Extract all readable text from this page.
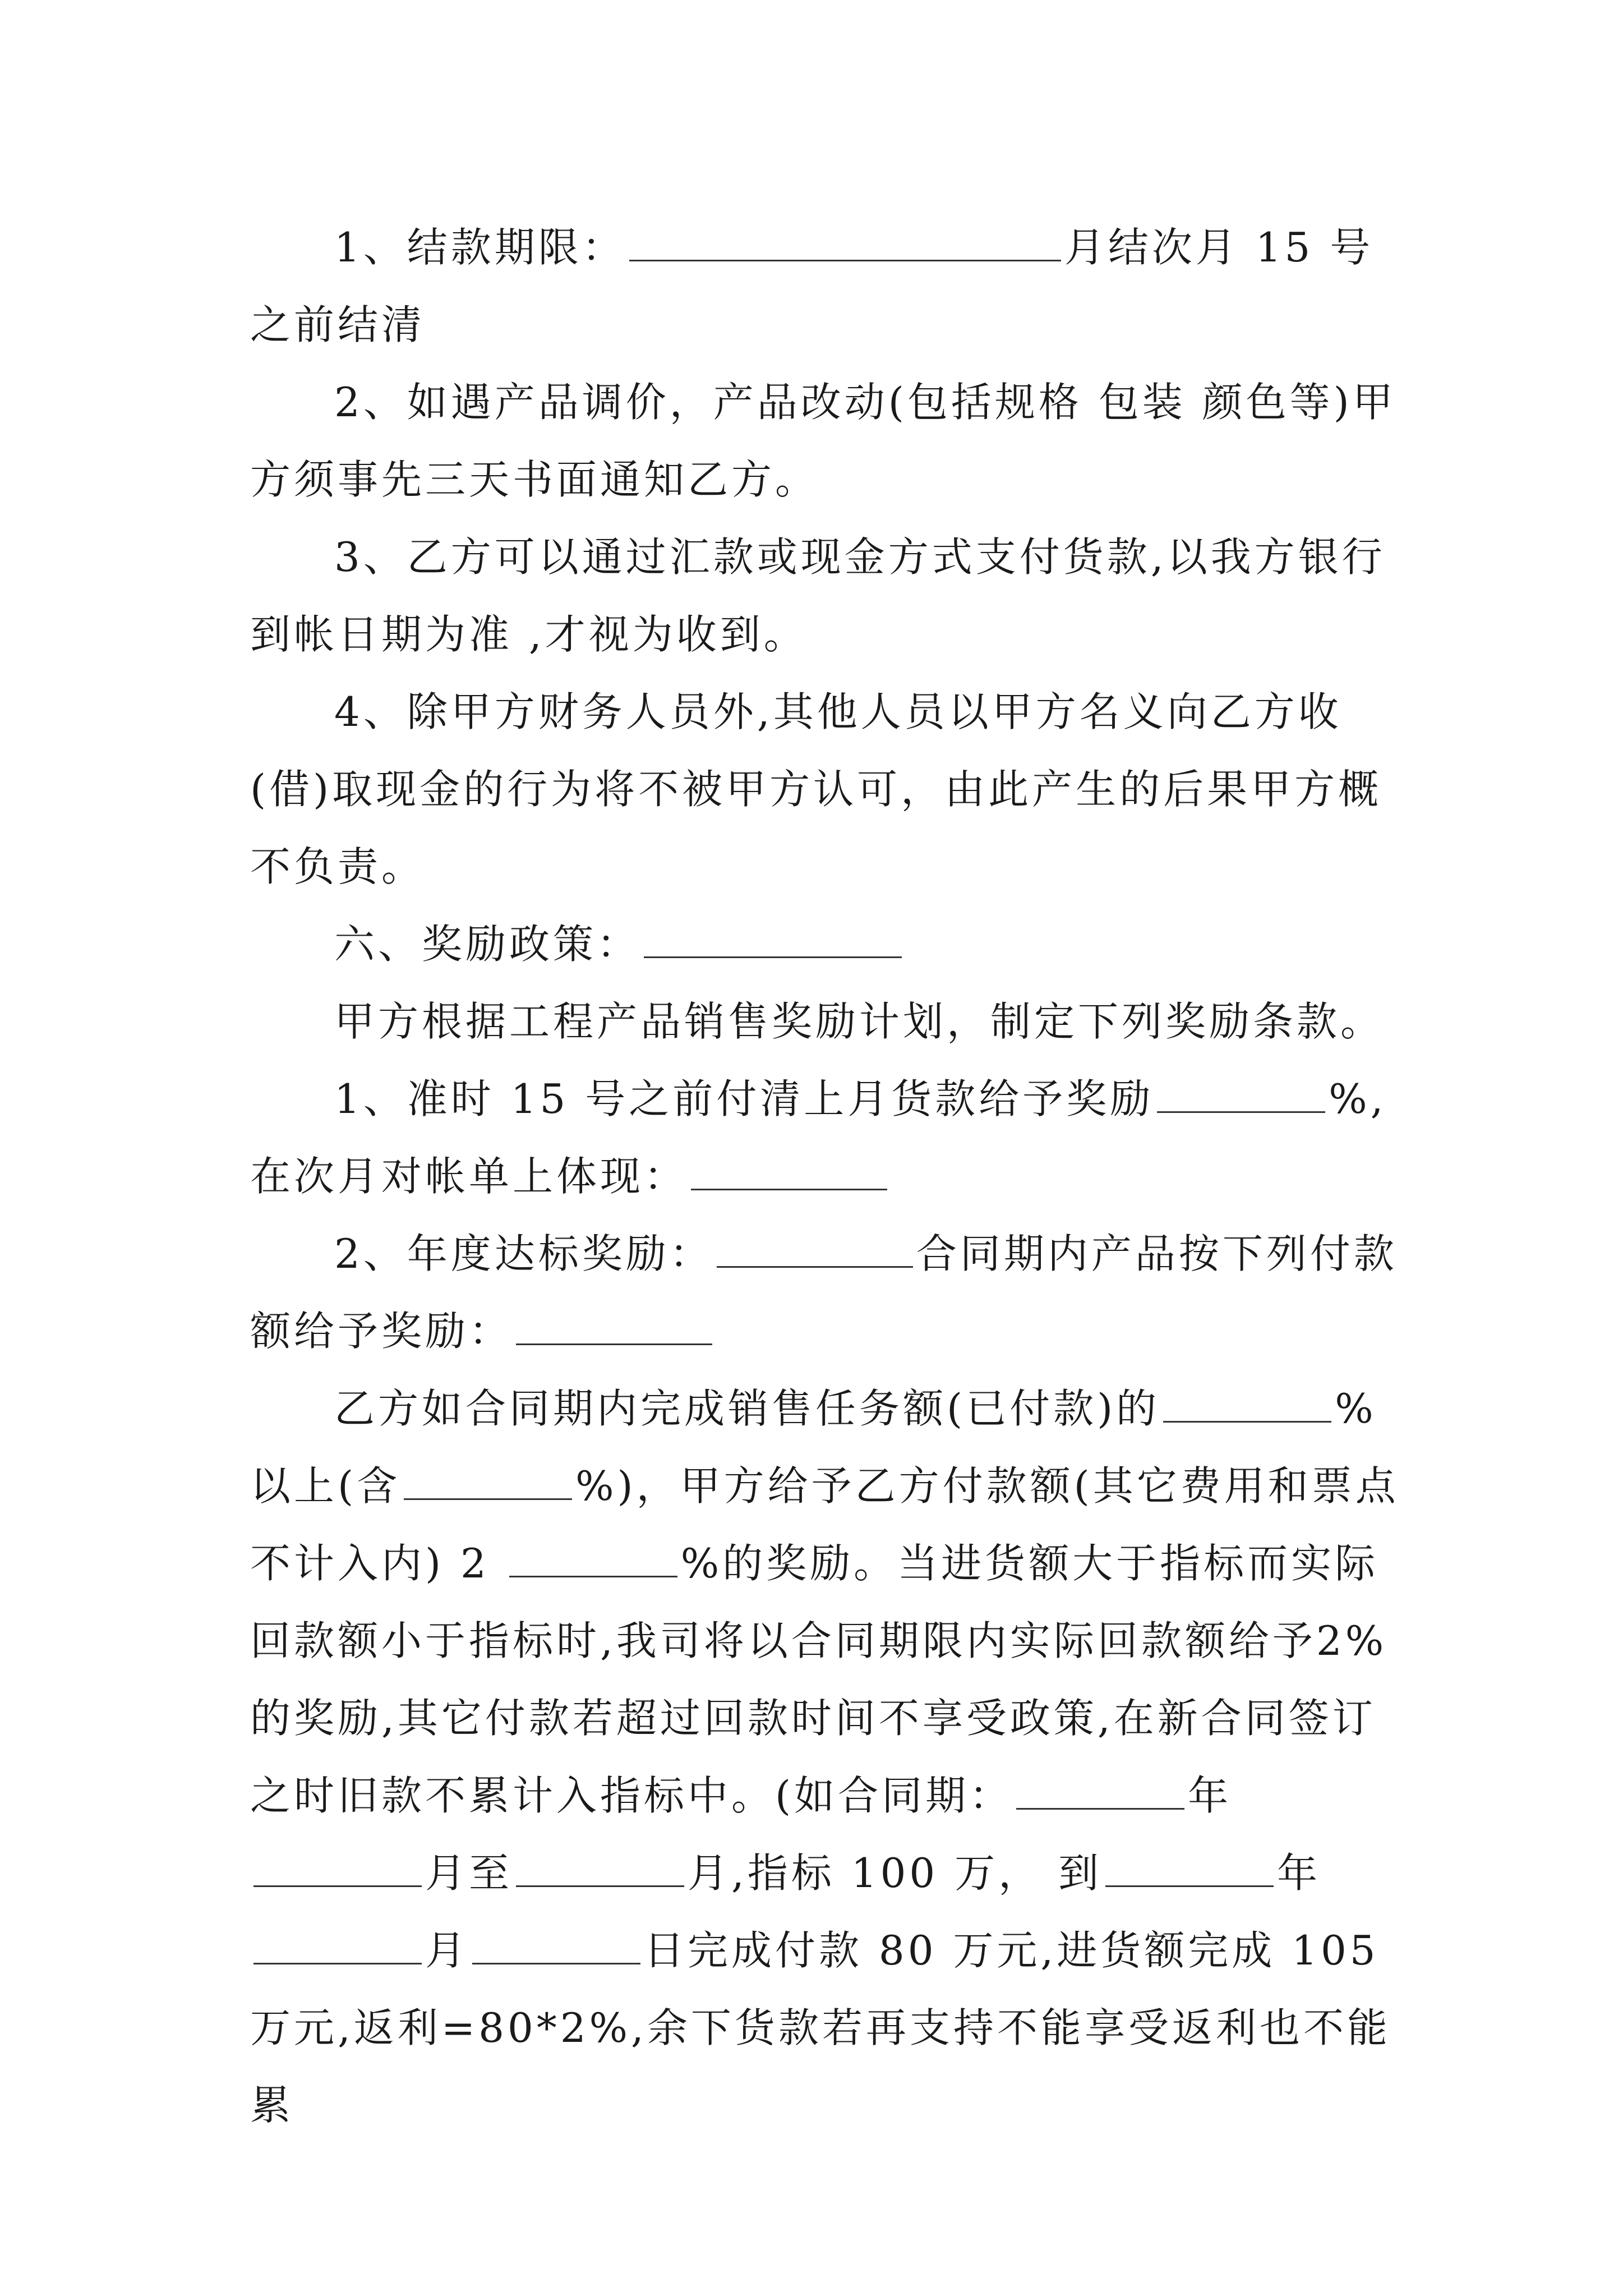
1、结款期限：	月结次月 15 号之前结清

2、如遇产品调价，产品改动(包括规格 包装 颜色等)甲方须事先三天书面通知乙方。

3、乙方可以通过汇款或现金方式支付货款,以我方银行到帐日期为准 ,才视为收到。

4、除甲方财务人员外,其他人员以甲方名义向乙方收(借)取现金的行为将不被甲方认可，由此产生的后果甲方概不负责。

六、奖励政策：

甲方根据工程产品销售奖励计划，制定下列奖励条款。

1、准时 15 号之前付清上月货款给予奖励	%,在次月对帐单上体现：

2、年度达标奖励：	合同期内产品按下列付款额给予奖励：

乙方如合同期内完成销售任务额(已付款)的	%以上(含	%)，甲方给予乙方付款额(其它费用和票点不计入内) 2	%的奖励。当进货额大于指标而实际回款额小于指标时,我司将以合同期限内实际回款额给予2%的奖励,其它付款若超过回款时间不享受政策,在新合同签订之时旧款不累计入指标中。(如合同期：	年月至	月,指标 100 万， 到	年月	日完成付款 80 万元,进货额完成 105 万元,返利=80*2%,余下货款若再支持不能享受返利也不能累
